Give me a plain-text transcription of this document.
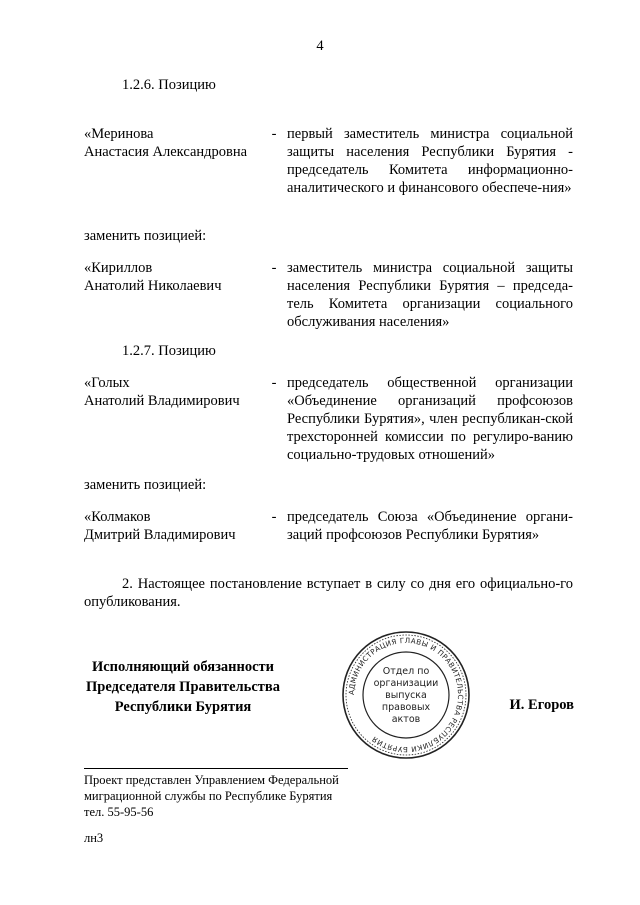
4
1.2.6. Позицию
«Меринова
Анастасия Александровна
- первый заместитель министра социальной защиты населения Республики Бурятия - председатель Комитета информационно-аналитического и финансового обеспече-ния»
заменить позицией:
«Кириллов
Анатолий Николаевич
- заместитель министра социальной защиты населения Республики Бурятия – председа-тель Комитета организации социального обслуживания населения»
1.2.7. Позицию
«Голых
Анатолий Владимирович
- председатель общественной организации «Объединение организаций профсоюзов Республики Бурятия», член республикан-ской трехсторонней комиссии по регулиро-ванию социально-трудовых отношений»
заменить позицией:
«Колмаков
Дмитрий Владимирович
- председатель Союза «Объединение органи-заций профсоюзов Республики Бурятия»
2. Настоящее постановление вступает в силу со дня его официально-го опубликования.
Исполняющий обязанности
Председателя Правительства
Республики Бурятия	И. Егоров
АДМИНИСТРАЦИЯ ГЛАВЫ И ПРАВИТЕЛЬСТВА РЕСПУБЛИКИ БУРЯТИЯ
Отдел по
организации
выпуска
правовых
актов
Проект представлен Управлением Федеральной
миграционной службы по Республике Бурятия
тел. 55-95-56
лн3
